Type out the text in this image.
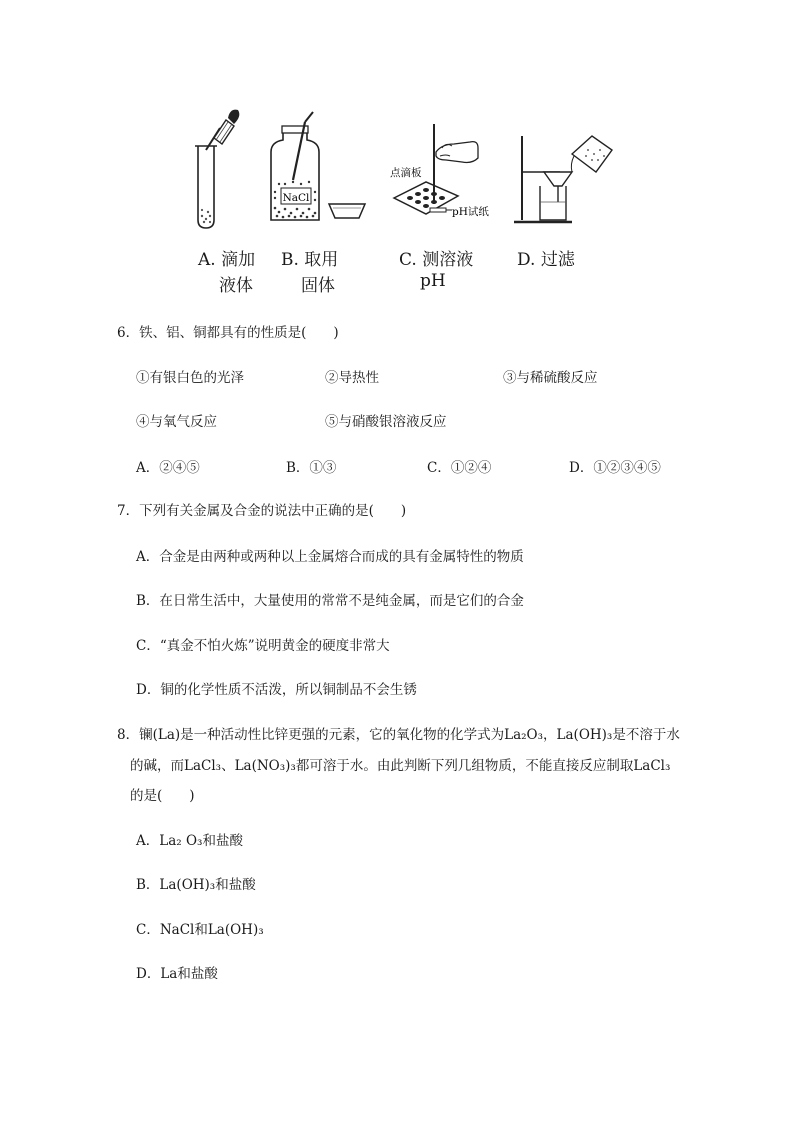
NaCl
点滴板
pH试纸
A. 滴加
液体
B. 取用
固体
C. 测溶液
pH
D. 过滤
6．铁、铝、铜都具有的性质是(　　)
①有银白色的光泽	②导热性	③与稀硫酸反应
④与氧气反应	⑤与硝酸银溶液反应
A．②④⑤	B．①③	C．①②④	D．①②③④⑤
7．下列有关金属及合金的说法中正确的是(　　)
A．合金是由两种或两种以上金属熔合而成的具有金属特性的物质
B．在日常生活中，大量使用的常常不是纯金属，而是它们的合金
C．“真金不怕火炼”说明黄金的硬度非常大
D．铜的化学性质不活泼，所以铜制品不会生锈
8．镧(La)是一种活动性比锌更强的元素，它的氧化物的化学式为La₂O₃，La(OH)₃是不溶于水
的碱，而LaCl₃、La(NO₃)₃都可溶于水。由此判断下列几组物质，不能直接反应制取LaCl₃
的是(　　)
A．La₂ O₃和盐酸
B．La(OH)₃和盐酸
C．NaCl和La(OH)₃
D．La和盐酸
